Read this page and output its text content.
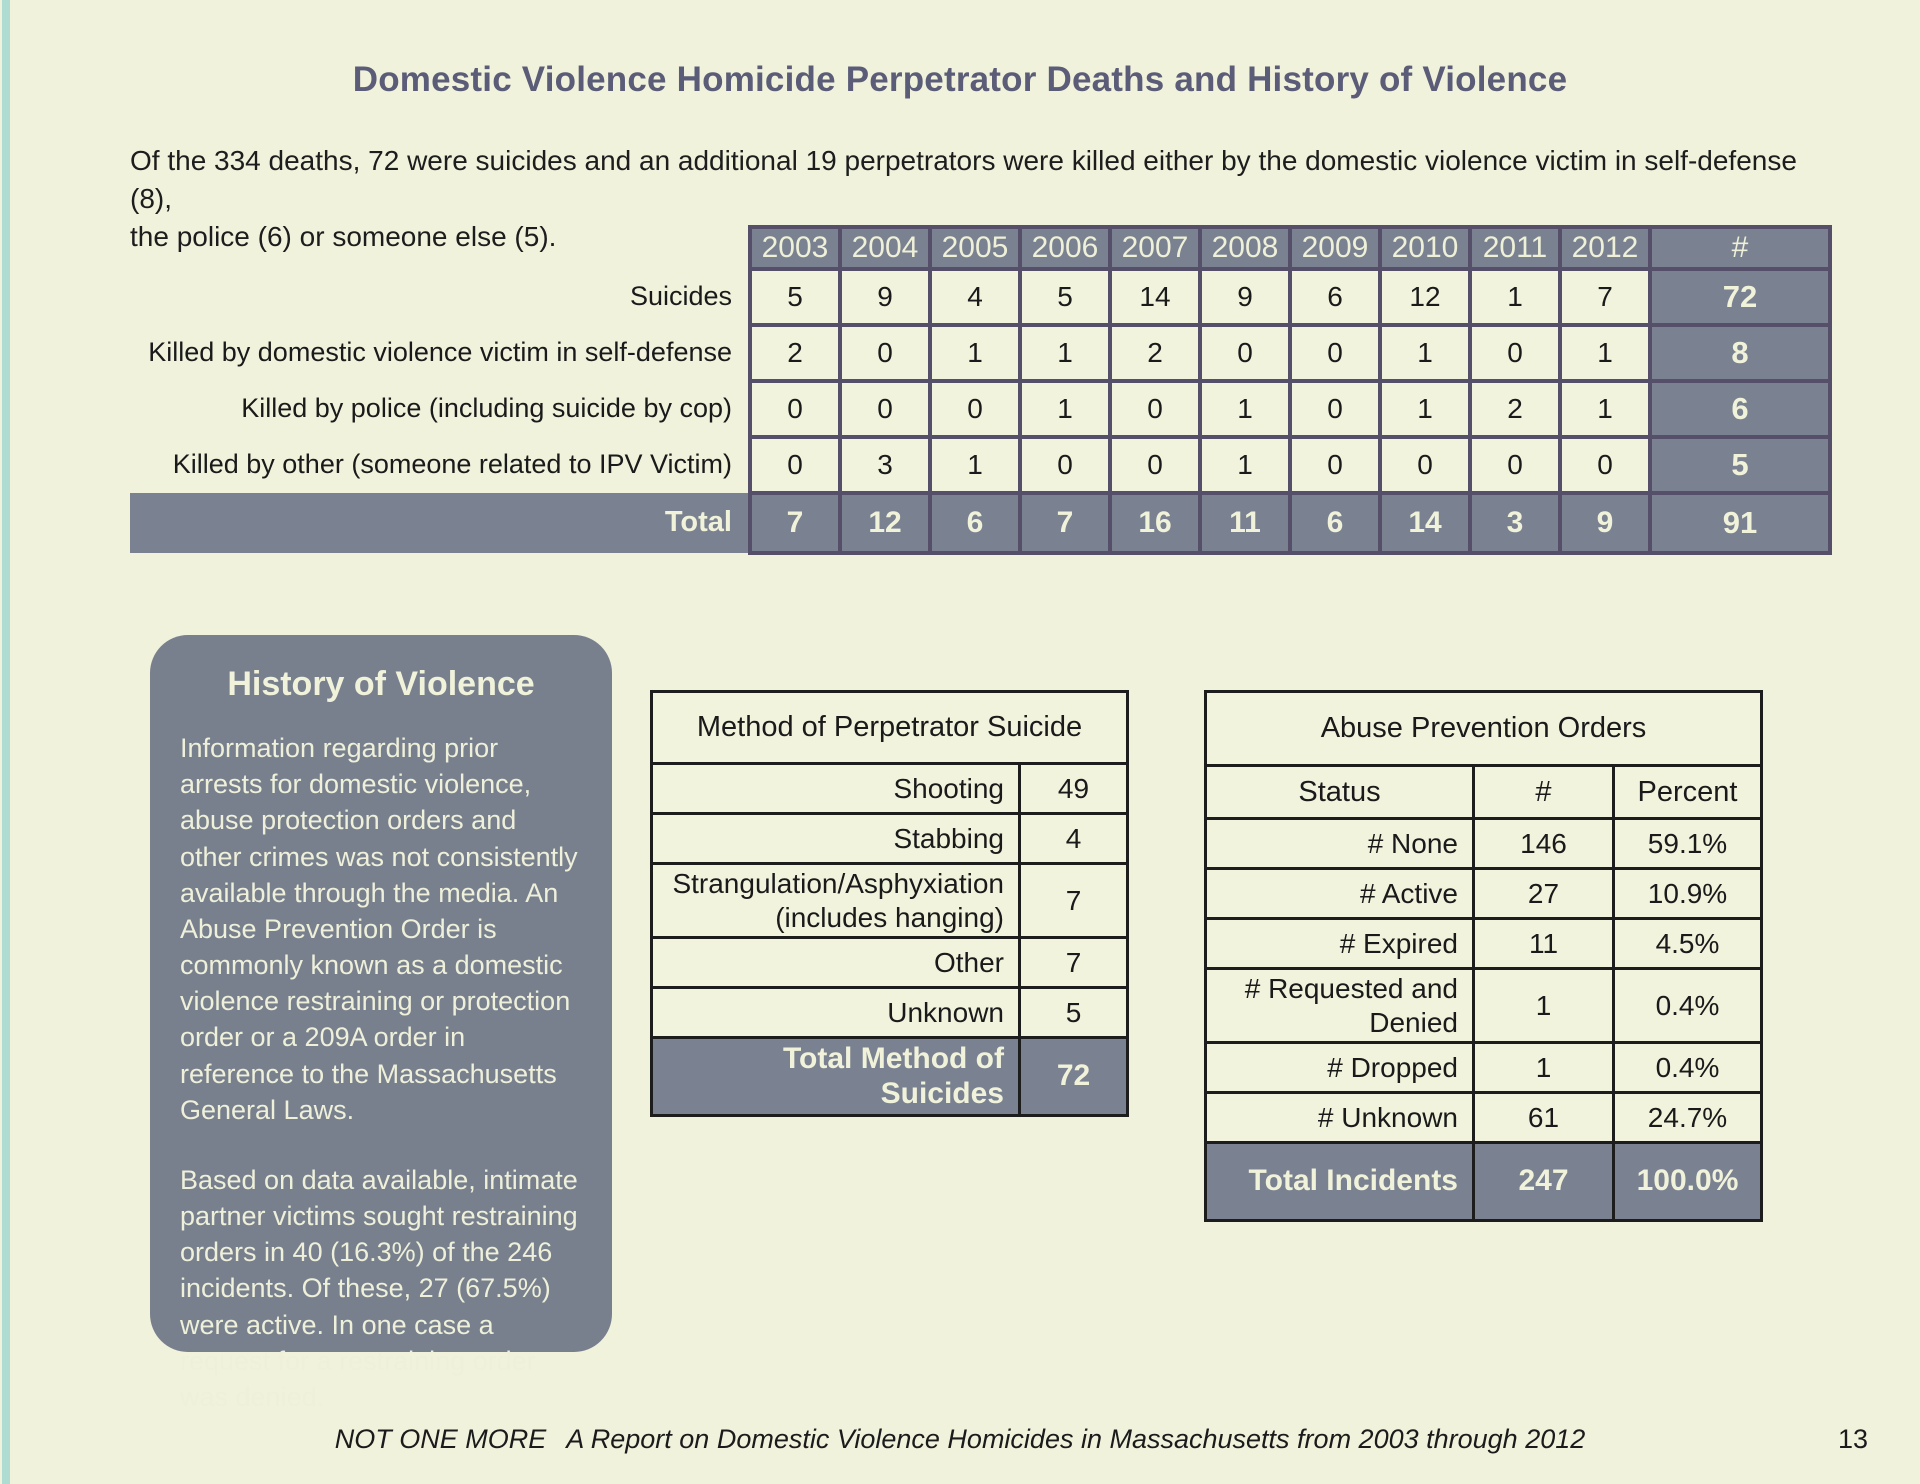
Domestic Violence Homicide Perpetrator Deaths and History of Violence
Of the 334 deaths, 72 were suicides and an additional 19 perpetrators were killed either by the domestic violence victim in self-defense (8),
the police (6) or someone else (5).
		2003	2004	2005	2006	2007	2008	2009	2010	2011	2012	#
Suicides	5	9	4	5	14	9	6	12	1	7	72
Killed by domestic violence victim in self-defense	2	0	1	1	2	0	0	1	0	1	8
Killed by police (including suicide by cop)	0	0	0	1	0	1	0	1	2	1	6
Killed by other (someone related to IPV Victim)	0	3	1	0	0	1	0	0	0	0	5
Total	7	12	6	7	16	11	6	14	3	9	91
History of Violence

Information regarding prior arrests for domestic violence, abuse protection orders and other crimes was not consistently available through the media. An Abuse Prevention Order is commonly known as a domestic violence restraining or protection order or a 209A order in reference to the Massachusetts General Laws.

Based on data available, intimate partner victims sought restraining orders in 40 (16.3%) of the 246 incidents. Of these, 27 (67.5%) were active. In one case a request for a restraining order was denied.

Method of Perpetrator Suicide	
Shooting	49
Stabbing	4
Strangulation/Asphyxiation (includes hanging)	7
Other	7
Unknown	5
Total Method of Suicides	72
Abuse Prevention Orders		
Status	#	Percent
# None	146	59.1%
# Active	27	10.9%
# Expired	11	4.5%
# Requested and Denied	1	0.4%
# Dropped	1	0.4%
# Unknown	61	24.7%
Total Incidents	247	100.0%
NOT ONE MORE A Report on Domestic Violence Homicides in Massachusetts from 2003 through 2012	13
